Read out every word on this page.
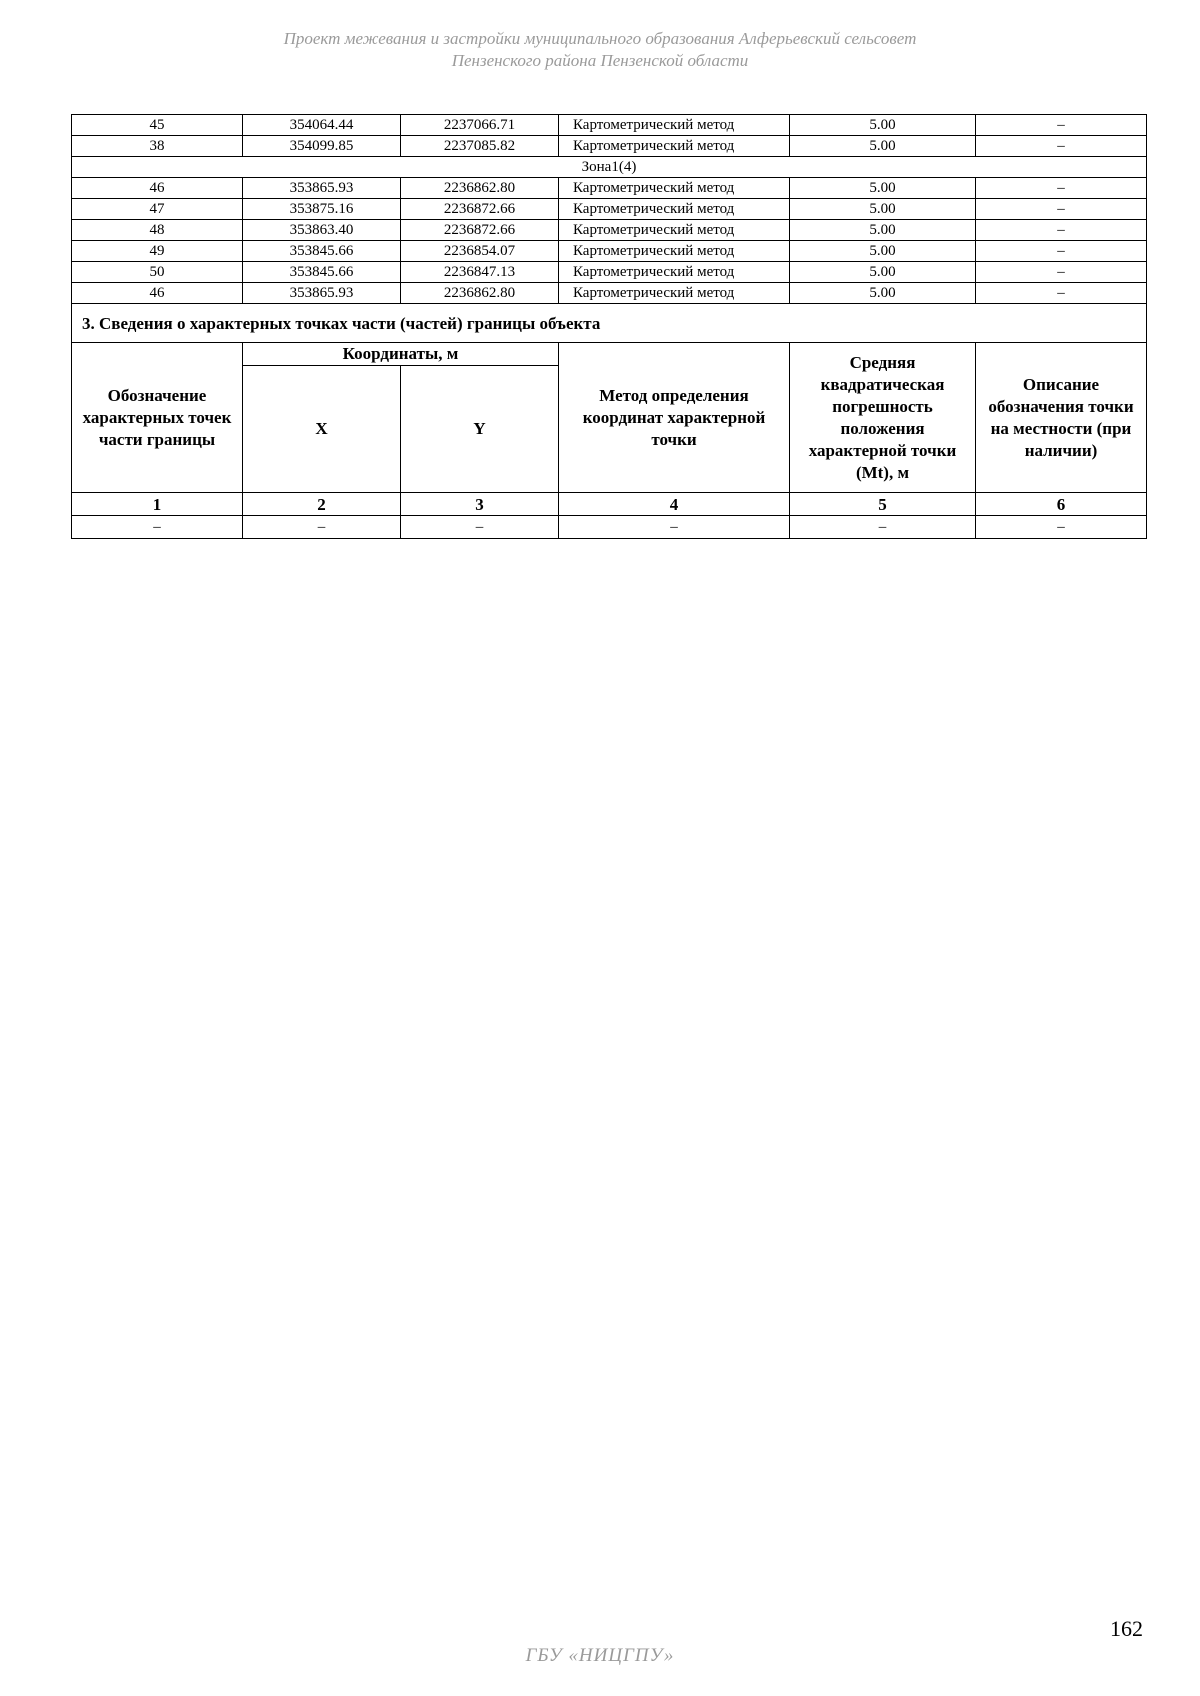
Проект межевания и застройки муниципального образования Алферьевский сельсовет
Пензенского района Пензенской области
45	354064.44	2237066.71	Картометрический метод	5.00	–
38	354099.85	2237085.82	Картометрический метод	5.00	–
Зона1(4)					
46	353865.93	2236862.80	Картометрический метод	5.00	–
47	353875.16	2236872.66	Картометрический метод	5.00	–
48	353863.40	2236872.66	Картометрический метод	5.00	–
49	353845.66	2236854.07	Картометрический метод	5.00	–
50	353845.66	2236847.13	Картометрический метод	5.00	–
46	353865.93	2236862.80	Картометрический метод	5.00	–
3. Сведения о характерных точках части (частей) границы объекта					
Обозначение характерных точек части границы	Координаты, м		Метод определения координат характерной точки	Средняя квадратическая погрешность положения характерной точки (Mt), м	Описание обозначения точки на местности (при наличии)
	X	Y			
1	2	3	4	5	6
–	–	–	–	–	–
162
ГБУ «НИЦГПУ»
